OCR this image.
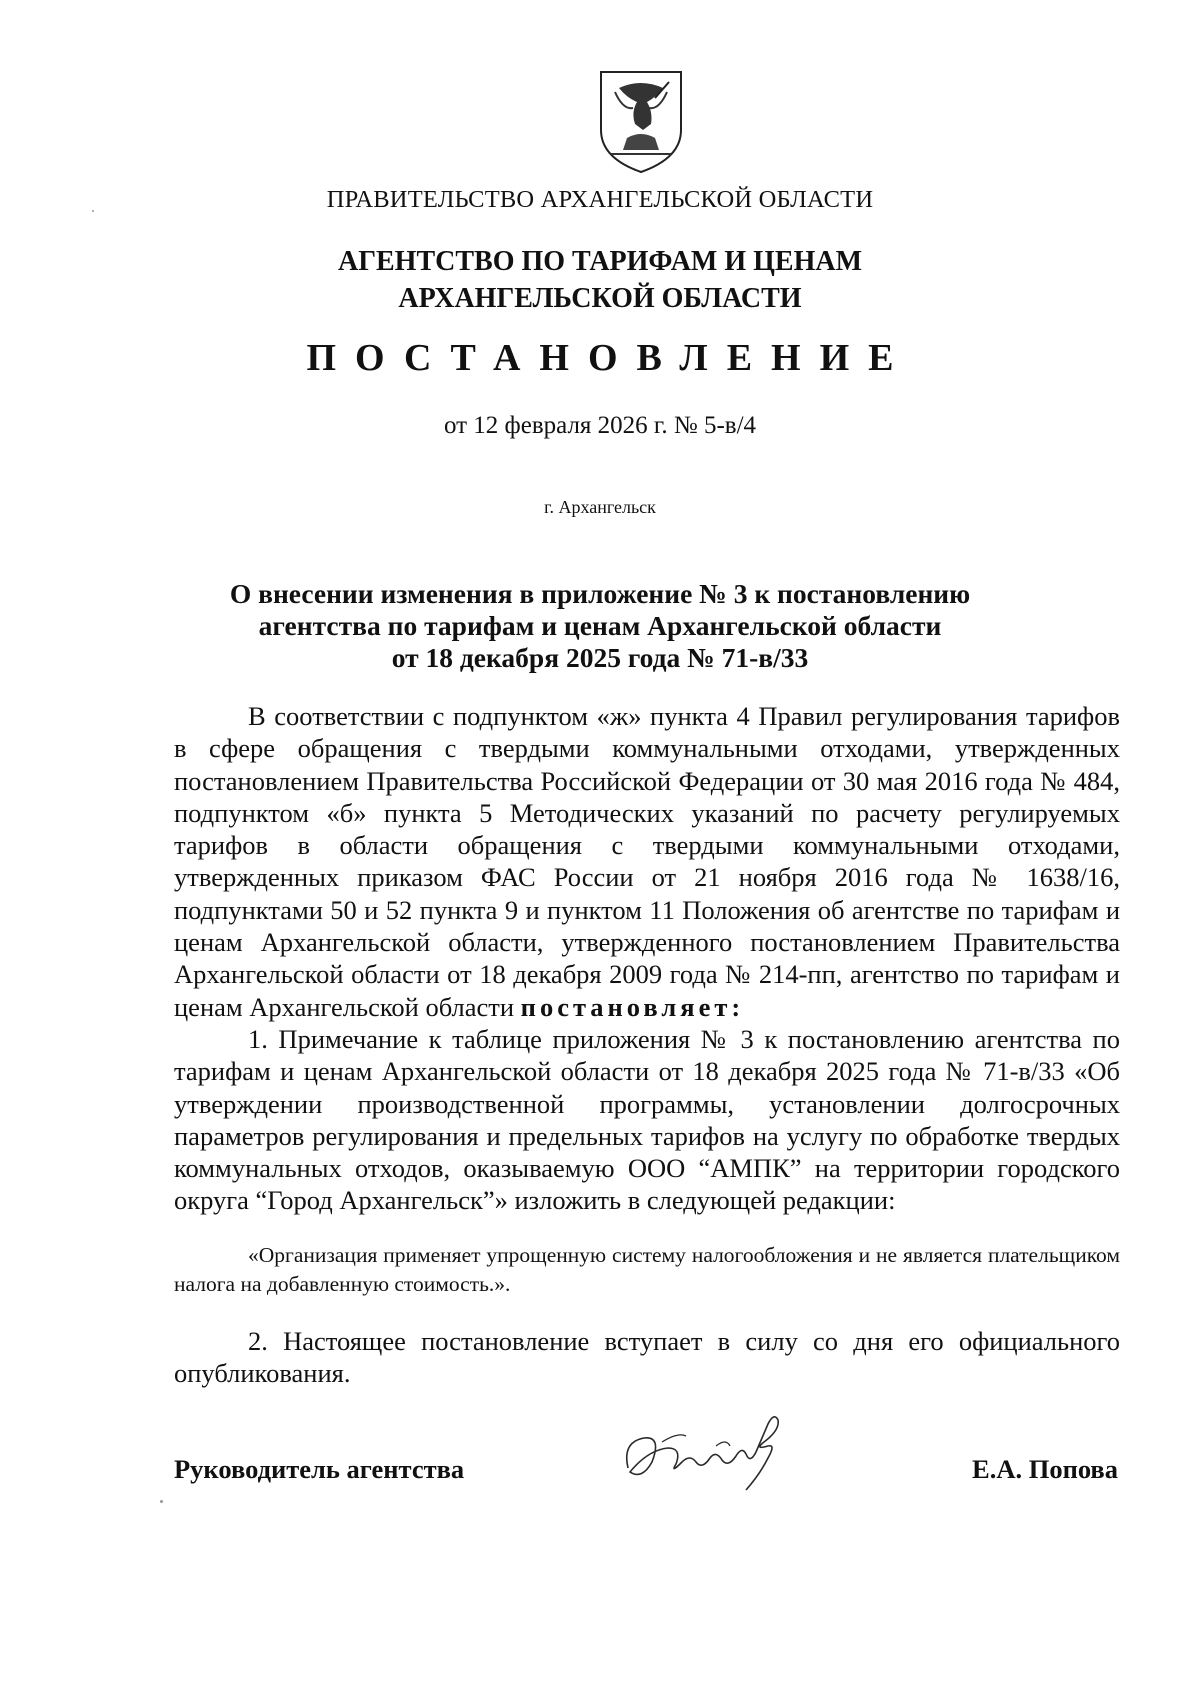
ПРАВИТЕЛЬСТВО АРХАНГЕЛЬСКОЙ ОБЛАСТИ
АГЕНТСТВО ПО ТАРИФАМ И ЦЕНАМ
АРХАНГЕЛЬСКОЙ ОБЛАСТИ
ПОСТАНОВЛЕНИЕ
от 12 февраля 2026 г. № 5-в/4
г. Архангельск
О внесении изменения в приложение № 3 к постановлению
агентства по тарифам и ценам Архангельской области
от 18 декабря 2025 года № 71-в/33
В соответствии с подпунктом «ж» пункта 4 Правил регулирования тарифов в сфере обращения с твердыми коммунальными отходами, утвержденных постановлением Правительства Российской Федерации от 30 мая 2016 года № 484, подпунктом «б» пункта 5 Методических указаний по расчету регулируемых тарифов в области обращения с твердыми коммунальными отходами, утвержденных приказом ФАС России от 21 ноября 2016 года № 1638/16, подпунктами 50 и 52 пункта 9 и пунктом 11 Положения об агентстве по тарифам и ценам Архангельской области, утвержденного постановлением Правительства Архангельской области от 18 декабря 2009 года № 214-пп, агентство по тарифам и ценам Архангельской области постановляет:
1. Примечание к таблице приложения № 3 к постановлению агентства по тарифам и ценам Архангельской области от 18 декабря 2025 года № 71-в/33 «Об утверждении производственной программы, установлении долгосрочных параметров регулирования и предельных тарифов на услугу по обработке твердых коммунальных отходов, оказываемую ООО “АМПК” на территории городского округа “Город Архангельск”» изложить в следующей редакции:
«Организация применяет упрощенную систему налогообложения и не является плательщиком налога на добавленную стоимость.».
2. Настоящее постановление вступает в силу со дня его официального опубликования.
Руководитель агентства	Е.А. Попова
